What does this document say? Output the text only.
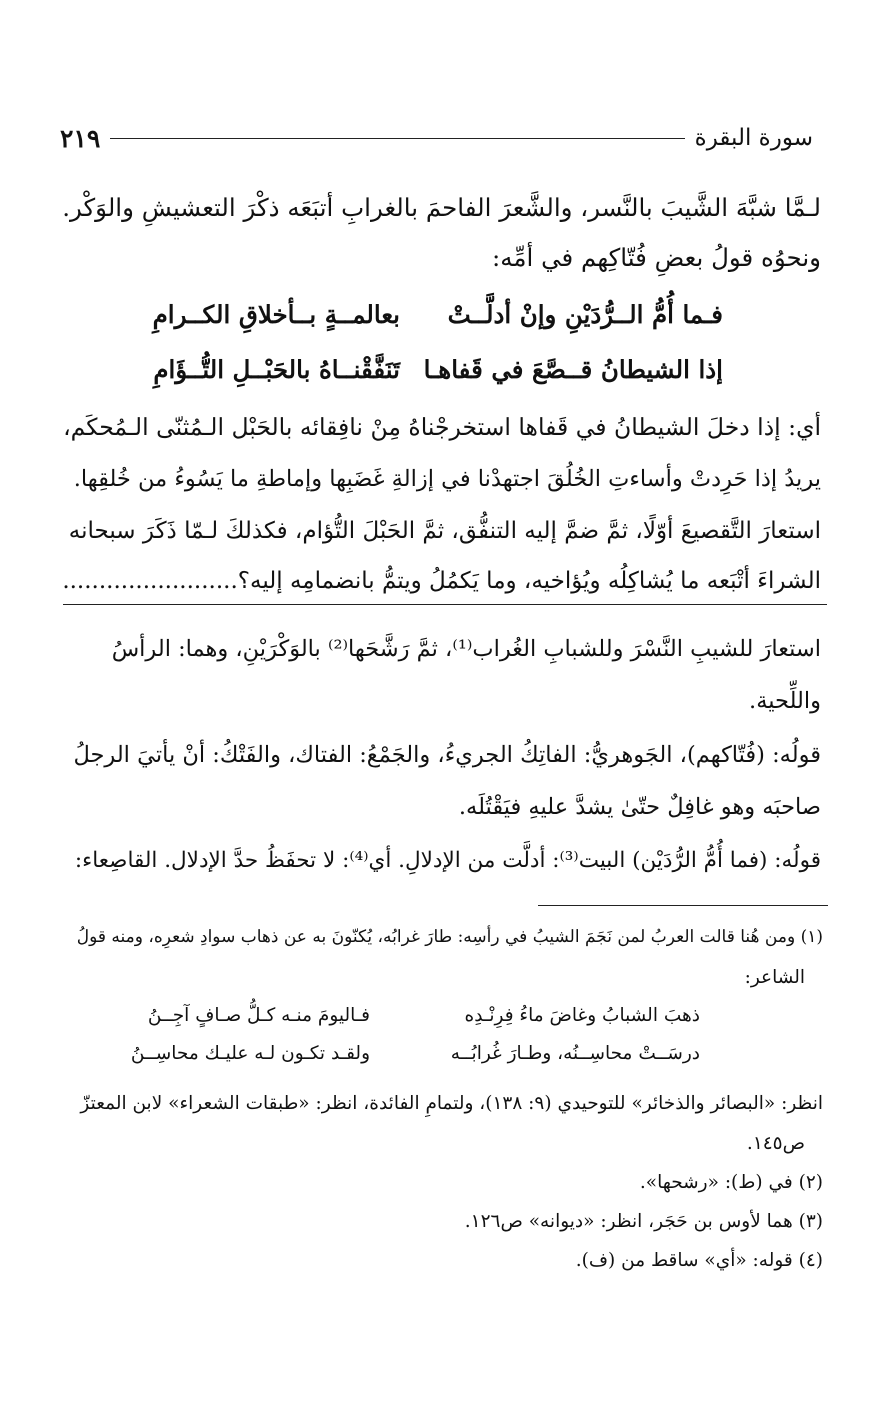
سورة البقرة
٢١٩
لـمَّا شبَّهَ الشَّيبَ بالنَّسر، والشَّعرَ الفاحمَ بالغرابِ أتبَعَه ذكْرَ التعشيشِ والوَكْر.
ونحوُه قولُ بعضِ فُتّاكِهم في أمِّه:
فـما أُمُّ الــرُّدَيْنِ وإنْ أدلَّــتْ
بعالمــةٍ بــأخلاقِ الكــرامِ
إذا الشيطانُ قــصَّعَ في قَفاهـا
تَنَفَّقْنــاهُ بالحَبْــلِ التُّــؤَامِ
أي: إذا دخلَ الشيطانُ في قَفاها استخرجْناهُ مِنْ نافِقائه بالحَبْل الـمُثنّى الـمُحكَم،
يريدُ إذا حَرِدتْ وأساءتِ الخُلُقَ اجتهدْنا في إزالةِ غَضَبِها وإماطةِ ما يَسُوءُ من خُلقِها.
استعارَ التَّقصيعَ أوّلًا، ثمَّ ضمَّ إليه التنفُّق، ثمَّ الحَبْلَ التُّؤام، فكذلكَ لـمّا ذَكَرَ سبحانه
الشراءَ أتْبَعه ما يُشاكِلُه ويُؤاخيه، وما يَكمُلُ ويتمُّ بانضمامِه إليه؟........................
استعارَ للشيبِ النَّسْرَ وللشبابِ الغُراب⁽¹⁾، ثمَّ رَشَّحَها⁽²⁾ بالوَكْرَيْنِ، وهما: الرأسُ
واللِّحية.
قولُه: (فُتّاكهم)، الجَوهريُّ: الفاتِكُ الجريءُ، والجَمْعُ: الفتاك، والفَتْكُ: أنْ يأتيَ الرجلُ
صاحبَه وهو غافِلٌ حتّىٰ يشدَّ عليهِ فيَقْتُلَه.
قولُه: (فما أُمُّ الرُّدَيْن) البيت⁽³⁾: أدلَّت من الإدلالِ. أي⁽⁴⁾: لا تحفَظُ حدَّ الإدلال. القاصِعاء:
(١) ومن هُنا قالت العربُ لمن نَجَمَ الشيبُ في رأسِه: طارَ غرابُه، يُكنّونَ به عن ذهاب سوادِ شعرِه، ومنه قولُ
الشاعر:
ذهبَ الشبابُ وغاضَ ماءُ فِرِنْـدِه
فـاليومَ منـه كـلُّ صـافٍ آجِــنُ
درسَــتْ محاسِــنُه، وطـارَ غُرابُــه
ولقـد تكـون لـه عليـك محاسِــنُ
انظر: «البصائر والذخائر» للتوحيدي (٩: ١٣٨)، ولتمامِ الفائدة، انظر: «طبقات الشعراء» لابن المعتزّ
ص١٤٥.
(٢) في (ط): «رشحها».
(٣) هما لأوس بن حَجَر، انظر: «ديوانه» ص١٢٦.
(٤) قوله: «أي» ساقط من (ف).
